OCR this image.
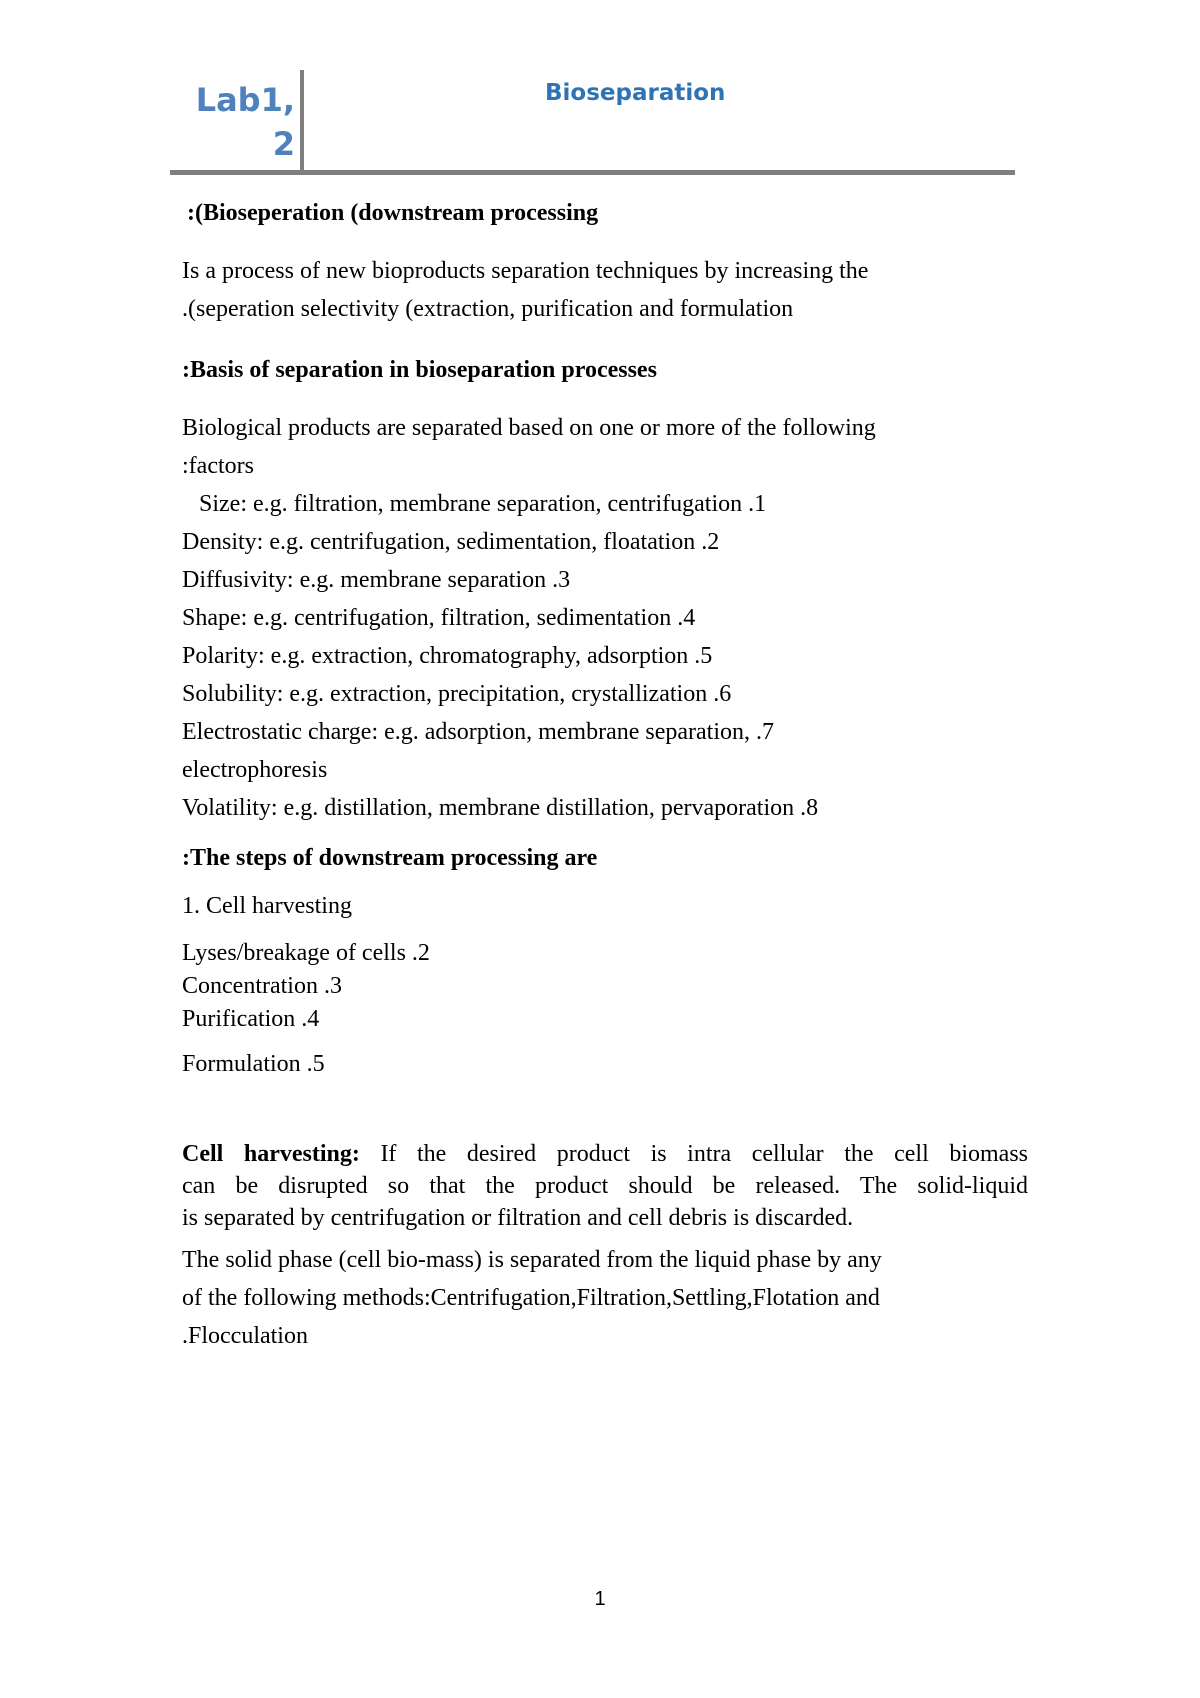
Lab1,
2
Bioseparation
:(Bioseperation (downstream processing
Is a process of new bioproducts separation techniques by increasing the
.(seperation selectivity (extraction, purification and formulation
:Basis of separation in bioseparation processes
Biological products are separated based on one or more of the following
:factors
Size: e.g. filtration, membrane separation, centrifugation .1
Density: e.g. centrifugation, sedimentation, floatation .2
Diffusivity: e.g. membrane separation .3
Shape: e.g. centrifugation, filtration, sedimentation .4
Polarity: e.g. extraction, chromatography, adsorption .5
Solubility: e.g. extraction, precipitation, crystallization .6
Electrostatic charge: e.g. adsorption, membrane separation, .7
electrophoresis
Volatility: e.g. distillation, membrane distillation, pervaporation .8
:The steps of downstream processing are
1. Cell harvesting
Lyses/breakage of cells .2
Concentration .3
Purification .4
Formulation .5
Cell harvesting: If the desired product is intra cellular the cell biomass
can be disrupted so that the product should be released. The solid-liquid
is separated by centrifugation or filtration and cell debris is discarded.
The solid phase (cell bio-mass) is separated from the liquid phase by any
of the following methods:Centrifugation,Filtration,Settling,Flotation and
.Flocculation
1
